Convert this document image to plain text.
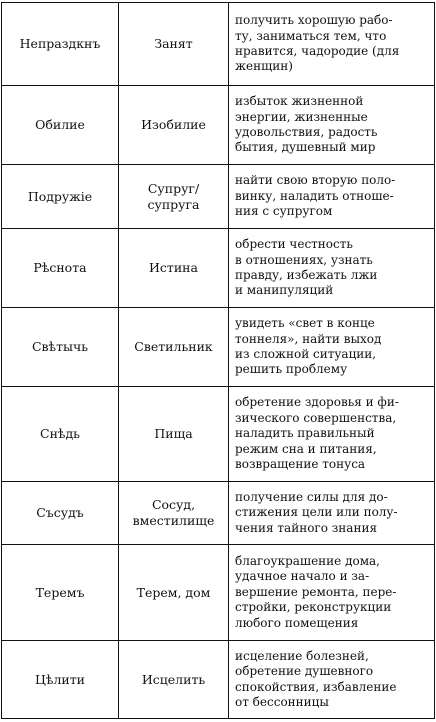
Непраздкнъ	Занят	получить хорошую рабо-
ту, заниматься тем, что
нравится, чадородие (для
женщин)

Обилие	Изобилие	избыток жизненной
энергии, жизненные
удовольствия, радость
бытия, душевный мир

Подружіе	Супруг/
супруга	найти свою вторую поло-
винку, наладить отноше-
ния с супругом

Рѣснота	Истина	обрести честность
в отношениях, узнать
правду, избежать лжи
и манипуляций

Свѣтычь	Светильник	увидеть «свет в конце
тоннеля», найти выход
из сложной ситуации,
решить проблему

Снѣдь	Пища	обретение здоровья и фи-
зического совершенства,
наладить правильный
режим сна и питания,
возвращение тонуса

Съсудъ	Сосуд,
вместилище	получение силы для до-
стижения цели или полу-
чения тайного знания

Теремъ	Терем, дом	благоукрашение дома,
удачное начало и за-
вершение ремонта, пере-
стройки, реконструкции
любого помещения

Цѣлити	Исцелить	исцеление болезней,
обретение душевного
спокойствия, избавление
от бессонницы
